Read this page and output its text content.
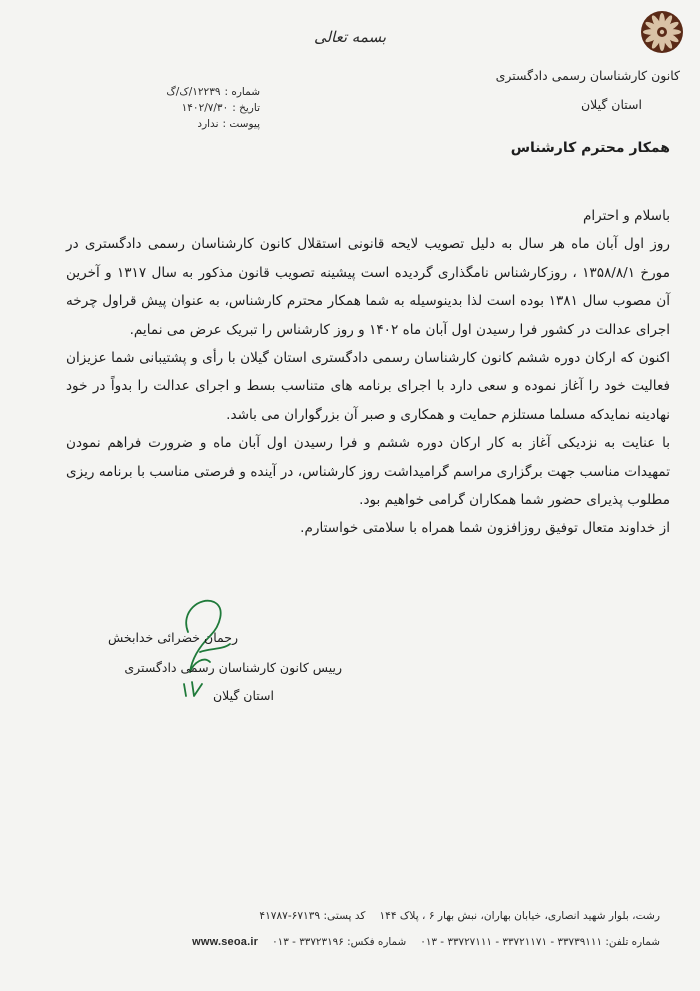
بسمه تعالی
کانون کارشناسان رسمی دادگستری
استان گیلان
شماره :۱۲۲۳۹/ک/گ
تاریخ :۱۴۰۲/۷/۳۰
پیوست :ندارد
همکار محترم کارشناس

باسلام و احترام

روز اول آبان ماه هر سال به دلیل تصویب لایحه قانونی استقلال کانون کارشناسان رسمی دادگستری در مورخ ۱۳۵۸/۸/۱ ، روزکارشناس نامگذاری گردیده است پیشینه تصویب قانون مذکور به سال ۱۳۱۷ و آخرین آن مصوب سال ۱۳۸۱ بوده است لذا بدینوسیله به شما همکار محترم کارشناس، به عنوان پیش قراول چرخه اجرای عدالت در کشور فرا رسیدن اول آبان ماه ۱۴۰۲ و روز کارشناس را تبریک عرض می نمایم.

اکنون که ارکان دوره ششم کانون کارشناسان رسمی دادگستری استان گیلان با رأی و پشتیبانی شما عزیزان فعالیت خود را آغاز نموده و سعی دارد با اجرای برنامه های متناسب بسط و اجرای عدالت را بدواً در خود نهادینه نمایدکه مسلما مستلزم حمایت و همکاری و صبر آن بزرگواران می باشد.

با عنایت به نزدیکی آغاز به کار ارکان دوره ششم و فرا رسیدن اول آبان ماه و ضرورت فراهم نمودن تمهیدات مناسب جهت برگزاری مراسم گرامیداشت روز کارشناس، در آینده و فرصتی مناسب با برنامه ریزی مطلوب پذیرای حضور شما همکاران گرامی خواهیم بود.

از خداوند متعال توفیق روزافزون شما همراه با سلامتی خواستارم.

رحمان خضرائی خدابخش
رییس کانون کارشناسان رسمی دادگستری
استان گیلان
رشت، بلوار شهید انصاری، خیابان بهاران، نبش بهار ۶ ، پلاک ۱۴۴کد پستی: ۶۷۱۳۹-۴۱۷۸۷
شماره تلفن: ۳۳۷۳۹۱۱۱ - ۳۳۷۲۱۱۷۱ - ۳۳۷۲۷۱۱۱ - ۰۱۳شماره فکس: ۳۳۷۲۳۱۹۶ - ۰۱۳www.seoa.ir
